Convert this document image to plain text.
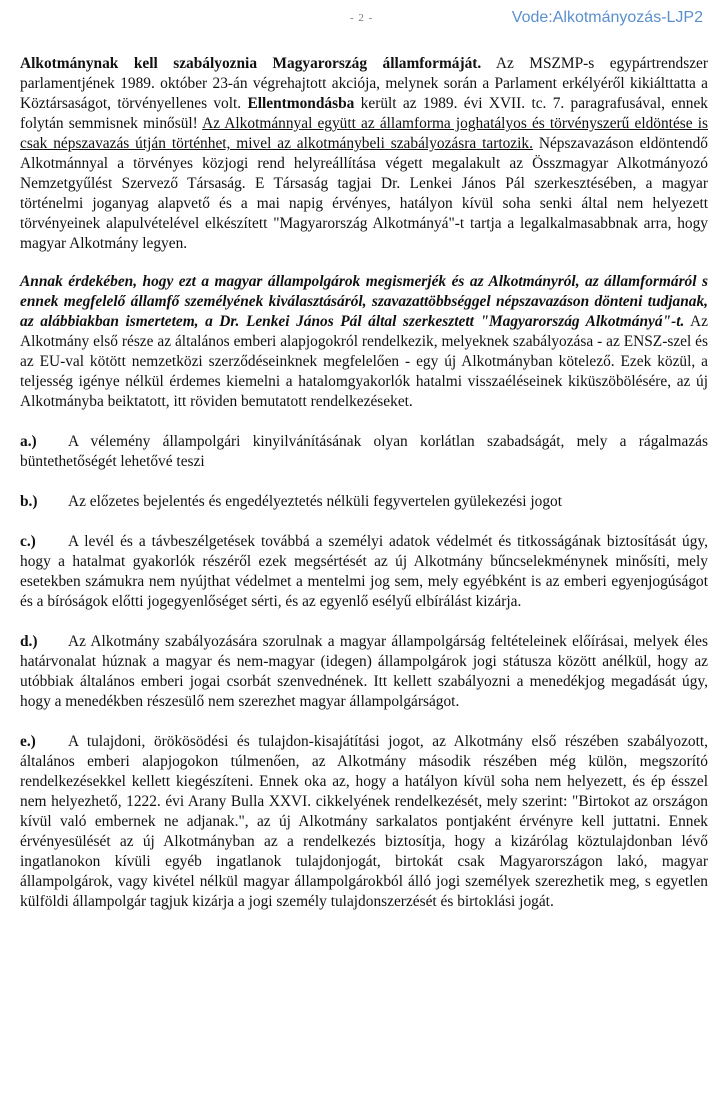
- 2 -	Vode:Alkotmányozás-LJP2

Alkotmánynak kell szabályoznia Magyarország államformáját. Az MSZMP-s egypártrendszer parlamentjének 1989. október 23-án végrehajtott akciója, melynek során a Parlament erkélyéről kikiálttatta a Köztársaságot, törvényellenes volt. Ellentmondásba került az 1989. évi XVII. tc. 7. paragrafusával, ennek folytán semmisnek minősül! Az Alkotmánnyal együtt az államforma joghatályos és törvényszerű eldöntése is csak népszavazás útján történhet, mivel az alkotmánybeli szabályozásra tartozik. Népszavazáson eldöntendő Alkotmánnyal a törvényes közjogi rend helyreállítása végett megalakult az Összmagyar Alkotmányozó Nemzetgyűlést Szervező Társaság. E Társaság tagjai Dr. Lenkei János Pál szerkesztésében, a magyar történelmi joganyag alapvető és a mai napig érvényes, hatályon kívül soha senki által nem helyezett törvényeinek alapulvételével elkészített "Magyarország Alkotmányá"-t tartja a legalkalmasabbnak arra, hogy magyar Alkotmány legyen.

Annak érdekében, hogy ezt a magyar állampolgárok megismerjék és az Alkotmányról, az államformáról s ennek megfelelő államfő személyének kiválasztásáról, szavazattöbbséggel népszavazáson dönteni tudjanak, az alábbiakban ismertetem, a Dr. Lenkei János Pál által szerkesztett "Magyarország Alkotmányá"-t. Az Alkotmány első része az általános emberi alapjogokról rendelkezik, melyeknek szabályozása - az ENSZ-szel és az EU-val kötött nemzetközi szerződéseinknek megfelelően - egy új Alkotmányban kötelező. Ezek közül, a teljesség igénye nélkül érdemes kiemelni a hatalomgyakorlók hatalmi visszaéléseinek kiküszöbölésére, az új Alkotmányba beiktatott, itt röviden bemutatott rendelkezéseket.

a.) A vélemény állampolgári kinyilvánításának olyan korlátlan szabadságát, mely a rágalmazás büntethetőségét lehetővé teszi

b.) Az előzetes bejelentés és engedélyeztetés nélküli fegyvertelen gyülekezési jogot

c.) A levél és a távbeszélgetések továbbá a személyi adatok védelmét és titkosságának biztosítását úgy, hogy a hatalmat gyakorlók részéről ezek megsértését az új Alkotmány bűncselekménynek minősíti, mely esetekben számukra nem nyújthat védelmet a mentelmi jog sem, mely egyébként is az emberi egyenjogúságot és a bíróságok előtti jogegyenlőséget sérti, és az egyenlő esélyű elbírálást kizárja.

d.) Az Alkotmány szabályozására szorulnak a magyar állampolgárság feltételeinek előírásai, melyek éles határvonalat húznak a magyar és nem-magyar (idegen) állampolgárok jogi státusza között anélkül, hogy az utóbbiak általános emberi jogai csorbát szenvednének. Itt kellett szabályozni a menedékjog megadását úgy, hogy a menedékben részesülő nem szerezhet magyar állampolgárságot.

e.) A tulajdoni, örökösödési és tulajdon-kisajátítási jogot, az Alkotmány első részében szabályozott, általános emberi alapjogokon túlmenően, az Alkotmány második részében még külön, megszorító rendelkezésekkel kellett kiegészíteni. Ennek oka az, hogy a hatályon kívül soha nem helyezett, és ép ésszel nem helyezhető, 1222. évi Arany Bulla XXVI. cikkelyének rendelkezését, mely szerint: "Birtokot az országon kívül való embernek ne adjanak.", az új Alkotmány sarkalatos pontjaként érvényre kell juttatni. Ennek érvényesülését az új Alkotmányban az a rendelkezés biztosítja, hogy a kizárólag köztulajdonban lévő ingatlanokon kívüli egyéb ingatlanok tulajdonjogát, birtokát csak Magyarországon lakó, magyar állampolgárok, vagy kivétel nélkül magyar állampolgárokból álló jogi személyek szerezhetik meg, s egyetlen külföldi állampolgár tagjuk kizárja a jogi személy tulajdonszerzését és birtoklási jogát.
